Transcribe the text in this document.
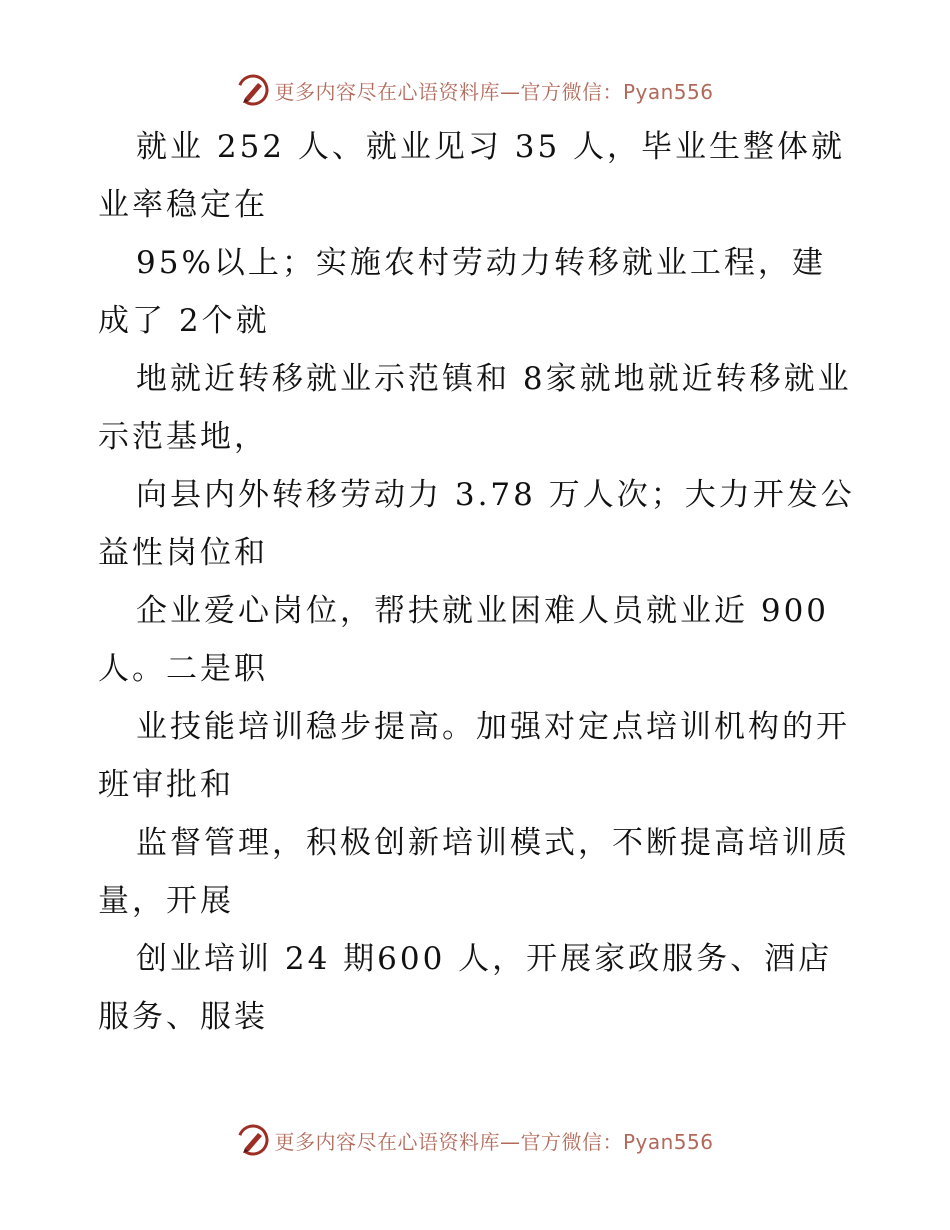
更多内容尽在心语资料库—官方微信：Pyan556

就业 252 人、就业见习 35 人，毕业生整体就业率稳定在

95%以上；实施农村劳动力转移就业工程，建成了 2个就

地就近转移就业示范镇和 8家就地就近转移就业示范基地，

向县内外转移劳动力 3.78 万人次；大力开发公益性岗位和

企业爱心岗位，帮扶就业困难人员就业近 900人。二是职

业技能培训稳步提高。加强对定点培训机构的开班审批和

监督管理，积极创新培训模式，不断提高培训质量，开展

创业培训 24 期600 人，开展家政服务、酒店服务、服装

更多内容尽在心语资料库—官方微信：Pyan556
